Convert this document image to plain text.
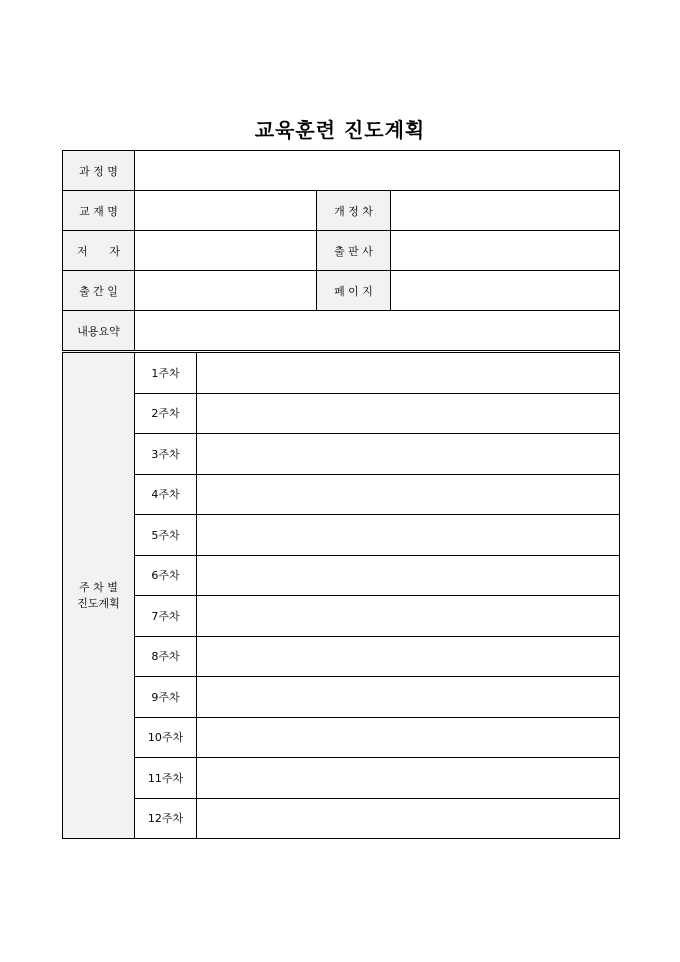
교육훈련 진도계획
과 정 명				
교 재 명			개 정 차	

저 자			출 판 사	
출 간 일			페 이 지	
내용요약				

주 차 별
진도계획	1주차			
	2주차			
	3주차			
	4주차			
	5주차			
	6주차			
	7주차			
	8주차			
	9주차			
	10주차			
	11주차			
	12주차			
